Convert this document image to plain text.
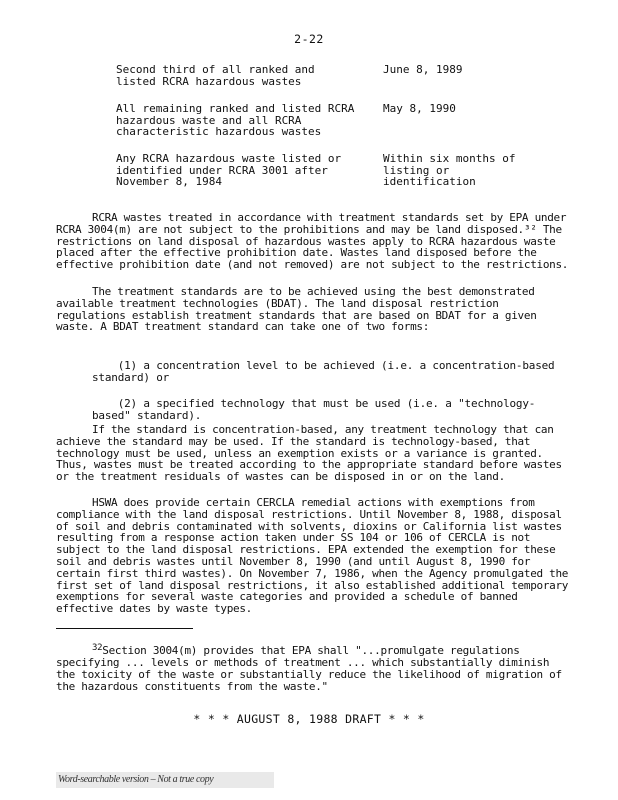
2-22
Second third of all ranked and listed RCRA hazardous wastes
June 8, 1989
All remaining ranked and listed RCRA hazardous waste and all RCRA characteristic hazardous wastes
May 8, 1990
Any RCRA hazardous waste listed or identified under RCRA 3001 after November 8, 1984
Within six months of listing or identification

RCRA wastes treated in accordance with treatment standards set by EPA under RCRA 3004(m) are not subject to the prohibitions and may be land disposed.³² The restrictions on land disposal of hazardous wastes apply to RCRA hazardous waste placed after the effective prohibition date. Wastes land disposed before the effective prohibition date (and not removed) are not subject to the restrictions.

The treatment standards are to be achieved using the best demonstrated available treatment technologies (BDAT). The land disposal restriction regulations establish treatment standards that are based on BDAT for a given waste. A BDAT treatment standard can take one of two forms:

(1) a concentration level to be achieved (i.e. a concentration-based standard) or

(2) a specified technology that must be used (i.e. a "technology-based" standard).

If the standard is concentration-based, any treatment technology that can achieve the standard may be used. If the standard is technology-based, that technology must be used, unless an exemption exists or a variance is granted. Thus, wastes must be treated according to the appropriate standard before wastes or the treatment residuals of wastes can be disposed in or on the land.

HSWA does provide certain CERCLA remedial actions with exemptions from compliance with the land disposal restrictions. Until November 8, 1988, disposal of soil and debris contaminated with solvents, dioxins or California list wastes resulting from a response action taken under SS 104 or 106 of CERCLA is not subject to the land disposal restrictions. EPA extended the exemption for these soil and debris wastes until November 8, 1990 (and until August 8, 1990 for certain first third wastes). On November 7, 1986, when the Agency promulgated the first set of land disposal restrictions, it also established additional temporary exemptions for several waste categories and provided a schedule of banned effective dates by waste types.

$^{32}$Section 3004(m) provides that EPA shall "...promulgate regulations specifying ... levels or methods of treatment ... which substantially diminish the toxicity of the waste or substantially reduce the likelihood of migration of the hazardous constituents from the waste."

* * * AUGUST 8, 1988 DRAFT * * *
Word-searchable version – Not a true copy
